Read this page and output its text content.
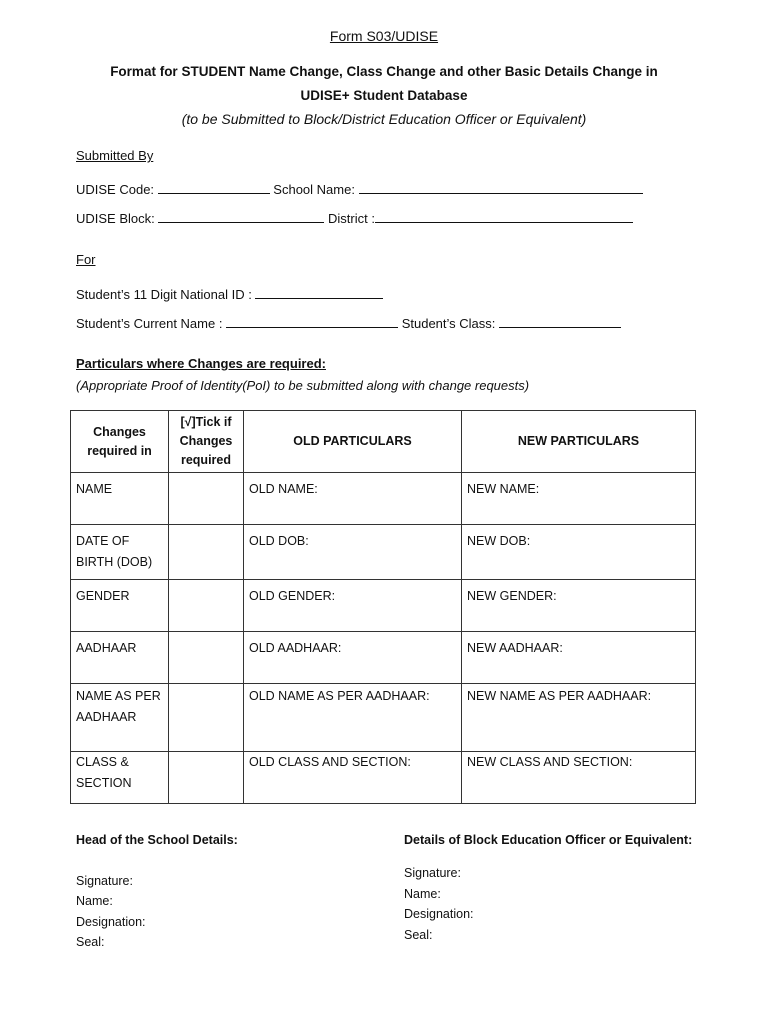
Form S03/UDISE
Format for STUDENT Name Change, Class Change and other Basic Details Change in
UDISE+ Student Database
(to be Submitted to Block/District Education Officer or Equivalent)
Submitted By
UDISE Code:	School Name:
UDISE Block:	District :
For
Student’s 11 Digit National ID :
Student’s Current Name :	Student’s Class:
Particulars where Changes are required:
(Appropriate Proof of Identity(PoI) to be submitted along with change requests)
Changes required in	[√]Tick if Changes required	OLD PARTICULARS	NEW PARTICULARS
NAME		OLD NAME:	NEW NAME:
DATE OF BIRTH (DOB)		OLD DOB:	NEW DOB:
GENDER		OLD GENDER:	NEW GENDER:
AADHAAR		OLD AADHAAR:	NEW AADHAAR:
NAME AS PER AADHAAR		OLD NAME AS PER AADHAAR:	NEW NAME AS PER AADHAAR:
CLASS & SECTION		OLD CLASS AND SECTION:	NEW CLASS AND SECTION:
Head of the School Details:
Signature:
Name:
Designation:
Seal:
Details of Block Education Officer or Equivalent:
Signature:
Name:
Designation:
Seal:
